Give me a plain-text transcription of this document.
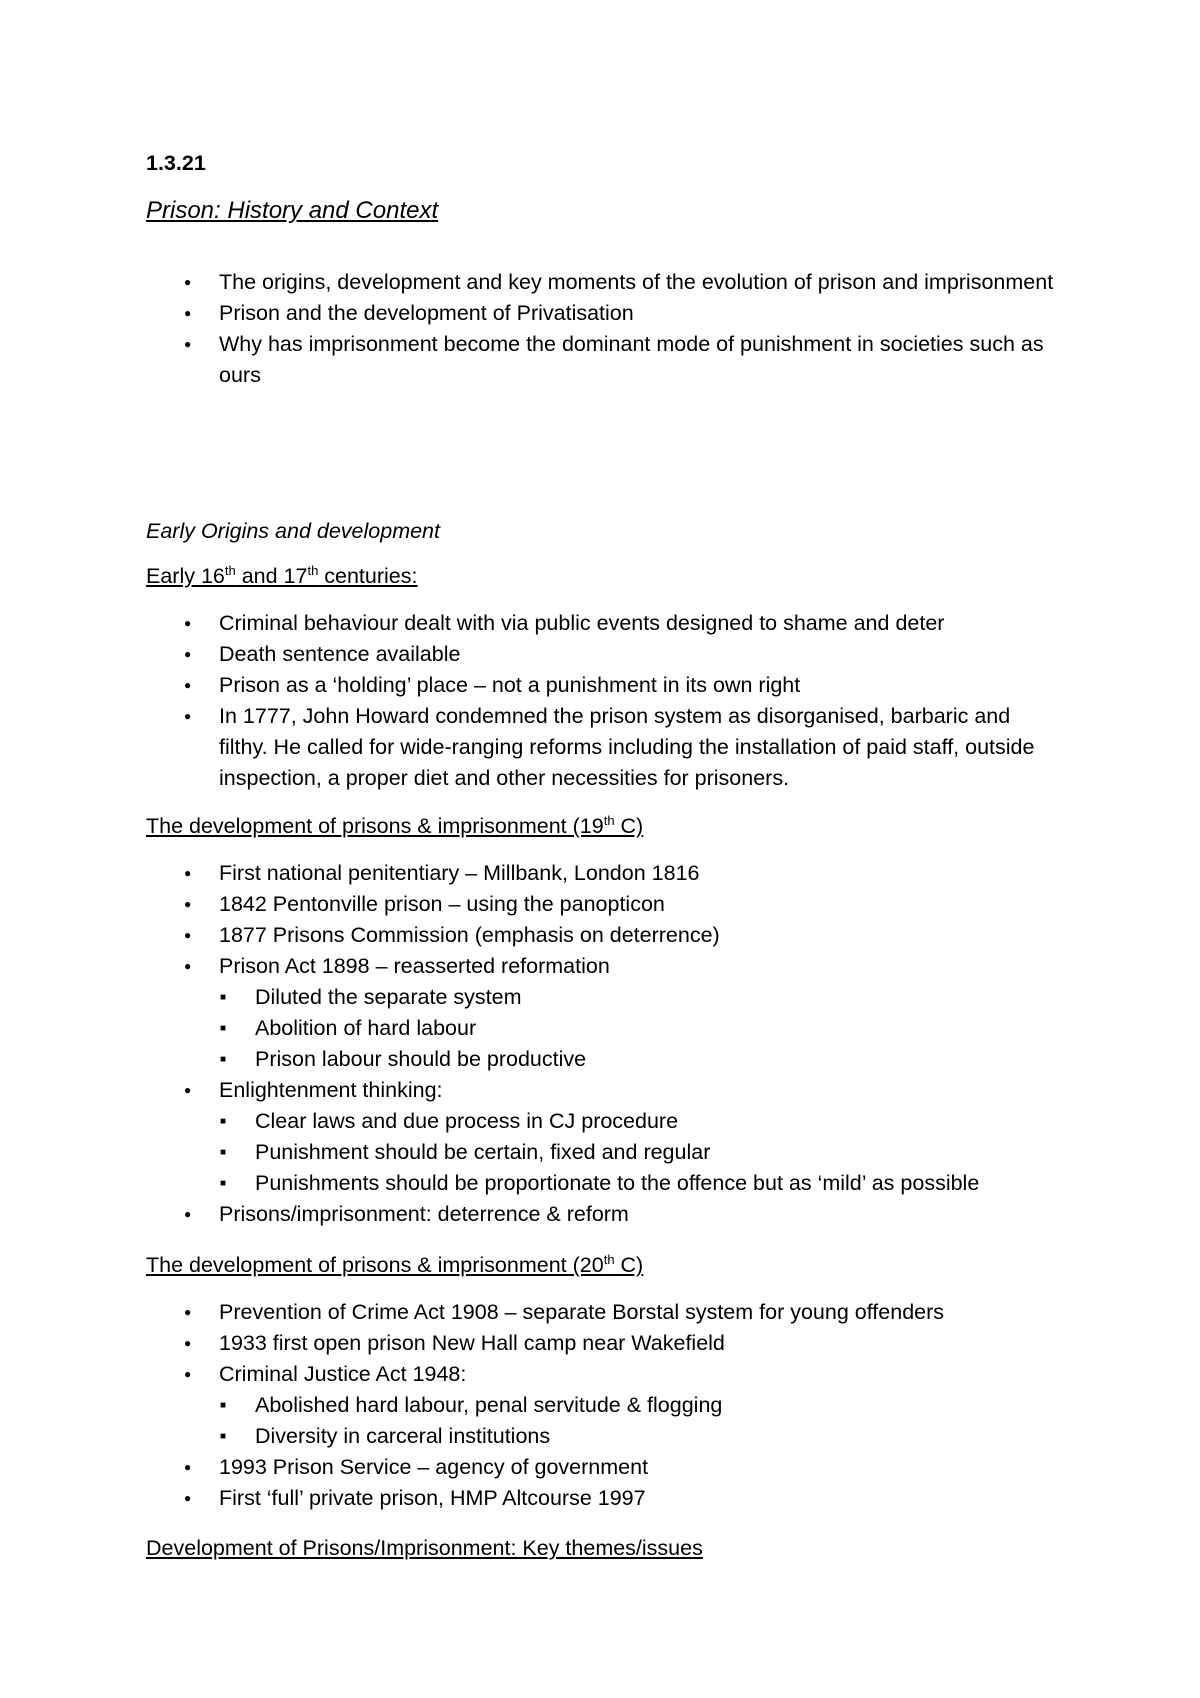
1.3.21
Prison: History and Context
● The origins, development and key moments of the evolution of prison and imprisonment
● Prison and the development of Privatisation
● Why has imprisonment become the dominant mode of punishment in societies such as ours
Early Origins and development
Early 16th and 17th centuries:
● Criminal behaviour dealt with via public events designed to shame and deter
● Death sentence available
● Prison as a ‘holding’ place – not a punishment in its own right
● In 1777, John Howard condemned the prison system as disorganised, barbaric and filthy. He called for wide-ranging reforms including the installation of paid staff, outside inspection, a proper diet and other necessities for prisoners.
The development of prisons & imprisonment (19th C)
● First national penitentiary – Millbank, London 1816
● 1842 Pentonville prison – using the panopticon
● 1877 Prisons Commission (emphasis on deterrence)
● Prison Act 1898 – reasserted reformation
■ Diluted the separate system
■ Abolition of hard labour
■ Prison labour should be productive
● Enlightenment thinking:
■ Clear laws and due process in CJ procedure
■ Punishment should be certain, fixed and regular
■ Punishments should be proportionate to the offence but as ‘mild’ as possible
● Prisons/imprisonment: deterrence & reform
The development of prisons & imprisonment (20th C)
● Prevention of Crime Act 1908 – separate Borstal system for young offenders
● 1933 first open prison New Hall camp near Wakefield
● Criminal Justice Act 1948:
■ Abolished hard labour, penal servitude & flogging
■ Diversity in carceral institutions
● 1993 Prison Service – agency of government
● First ‘full’ private prison, HMP Altcourse 1997
Development of Prisons/Imprisonment: Key themes/issues
